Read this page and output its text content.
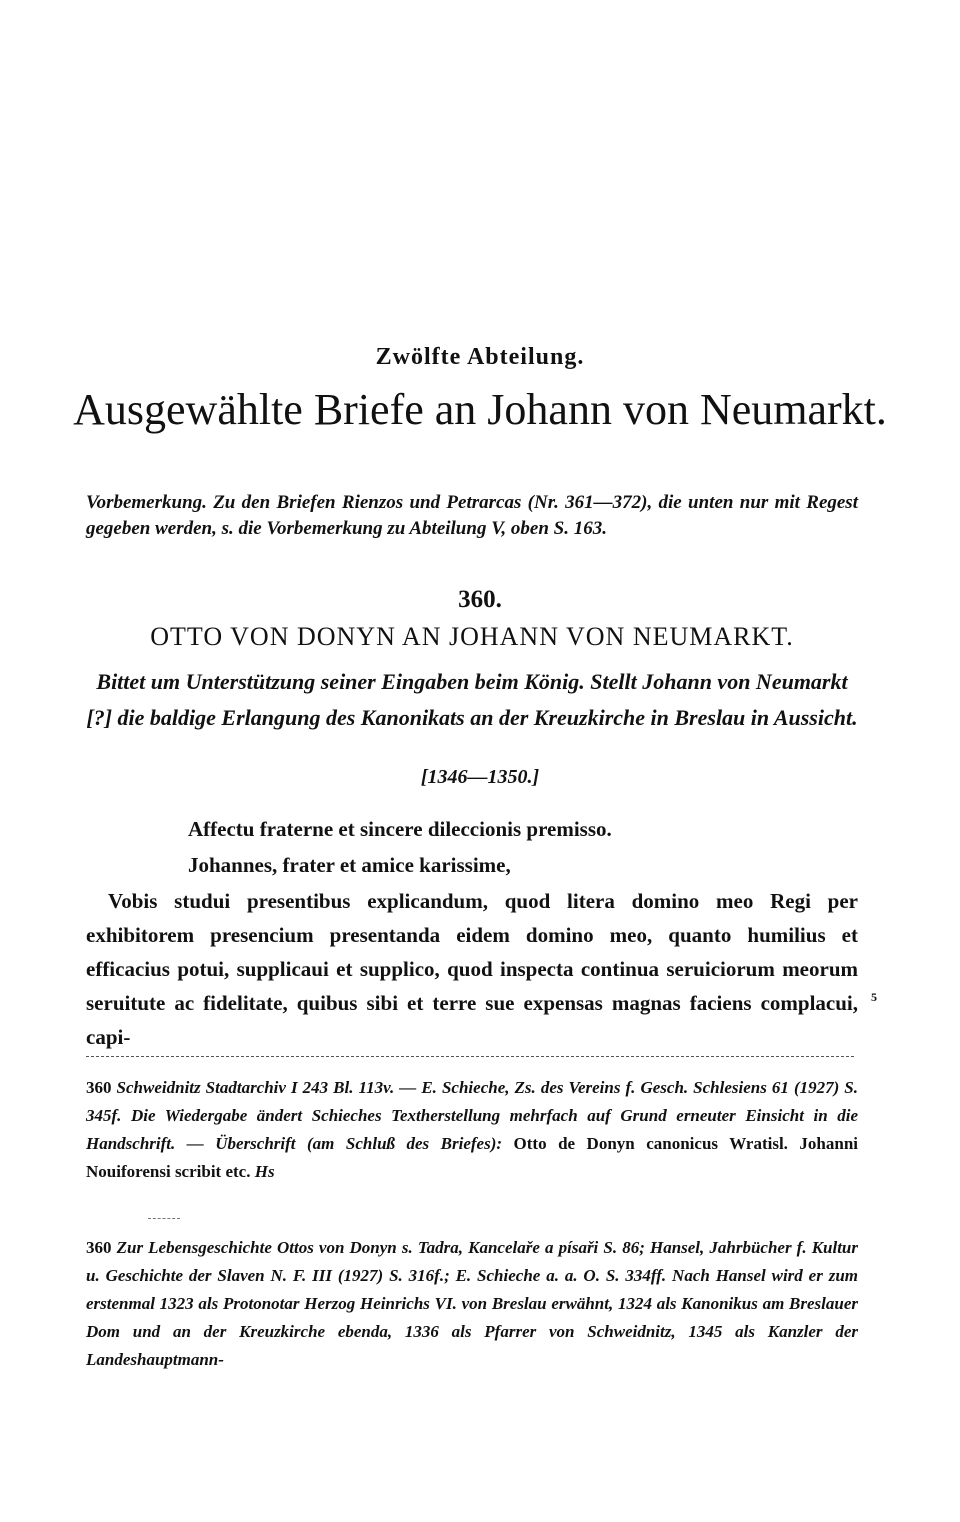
Zwölfte Abteilung.
Ausgewählte Briefe an Johann von Neumarkt.

Vorbemerkung. Zu den Briefen Rienzos und Petrarcas (Nr. 361—372), die unten nur mit Regest gegeben werden, s. die Vorbemerkung zu Abteilung V, oben S. 163.

360.
OTTO VON DONYN AN JOHANN VON NEUMARKT.

Bittet um Unterstützung seiner Eingaben beim König. Stellt Johann von Neumarkt [?] die baldige Erlangung des Kanonikats an der Kreuzkirche in Breslau in Aussicht.

[1346—1350.]

Affectu fraterne et sincere dileccionis premisso.

Johannes, frater et amice karissime,

Vobis studui presentibus explicandum, quod litera domino meo Regi per exhibitorem presencium presentanda eidem domino meo, quanto humilius et efficacius potui, supplicaui et supplico, quod inspecta continua seruiciorum meorum seruitute ac fidelitate, quibus sibi et terre sue expensas magnas faciens complacui, capi-

5

360 Schweidnitz Stadtarchiv I 243 Bl. 113v. — E. Schieche, Zs. des Vereins f. Gesch. Schlesiens 61 (1927) S. 345f. Die Wiedergabe ändert Schieches Textherstellung mehrfach auf Grund erneuter Einsicht in die Handschrift. — Überschrift (am Schluß des Briefes): Otto de Donyn canonicus Wratisl. Johanni Nouiforensi scribit etc. Hs

360 Zur Lebensgeschichte Ottos von Donyn s. Tadra, Kancelaře a písaři S. 86; Hansel, Jahrbücher f. Kultur u. Geschichte der Slaven N. F. III (1927) S. 316f.; E. Schieche a. a. O. S. 334ff. Nach Hansel wird er zum erstenmal 1323 als Protonotar Herzog Heinrichs VI. von Breslau erwähnt, 1324 als Kanonikus am Breslauer Dom und an der Kreuzkirche ebenda, 1336 als Pfarrer von Schweidnitz, 1345 als Kanzler der Landeshauptmann-
